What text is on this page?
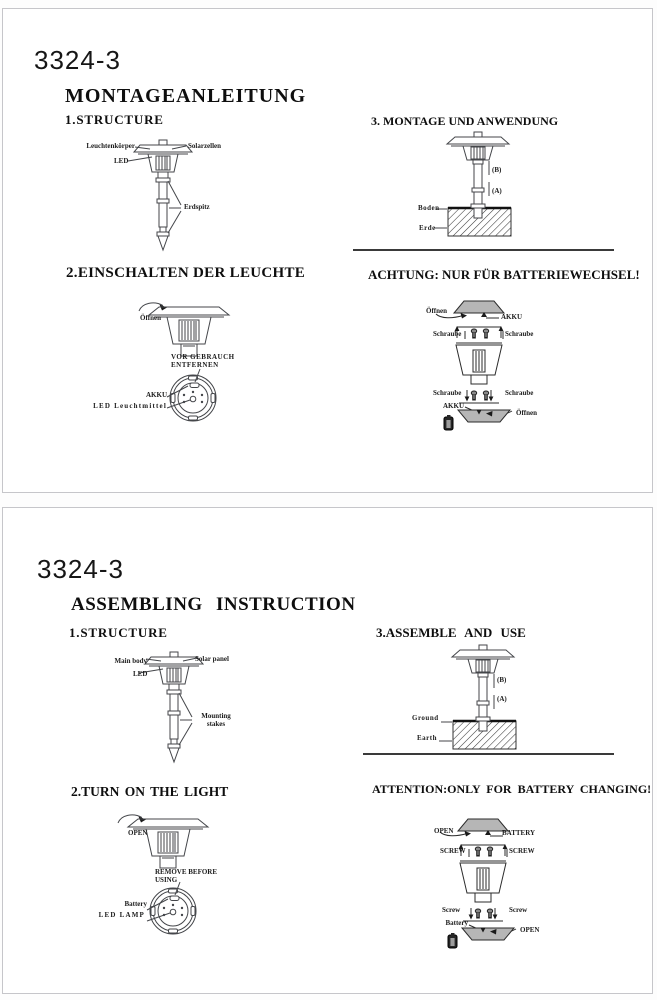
3324-3
MONTAGEANLEITUNG
1.STRUCTURE
Leuchtenkörper	Solarzellen
LED
Erdspitz
2.EINSCHALTEN DER LEUCHTE
Öffnen
VOR GEBRAUCH
ENTFERNEN
AKKU
LED Leuchtmittel
3. MONTAGE UND ANWENDUNG
(B)
(A)
Boden
Erde
ACHTUNG: NUR FÜR BATTERIEWECHSEL!
Öffnen
AKKU
Schraube	Schraube
Schraube	Schraube
AKKU
Öffnen
3324-3
ASSEMBLING INSTRUCTION
1.STRUCTURE
Main body	Solar panel
LED
Mounting stakes
2.TURN ON THE LIGHT
OPEN
REMOVE BEFORE
USING
Battery
LED LAMP
3.ASSEMBLE AND USE
(B)
(A)
Ground
Earth
ATTENTION:ONLY FOR BATTERY CHANGING!
OPEN	BATTERY
SCREW	SCREW
Screw	Screw
Battery
OPEN
